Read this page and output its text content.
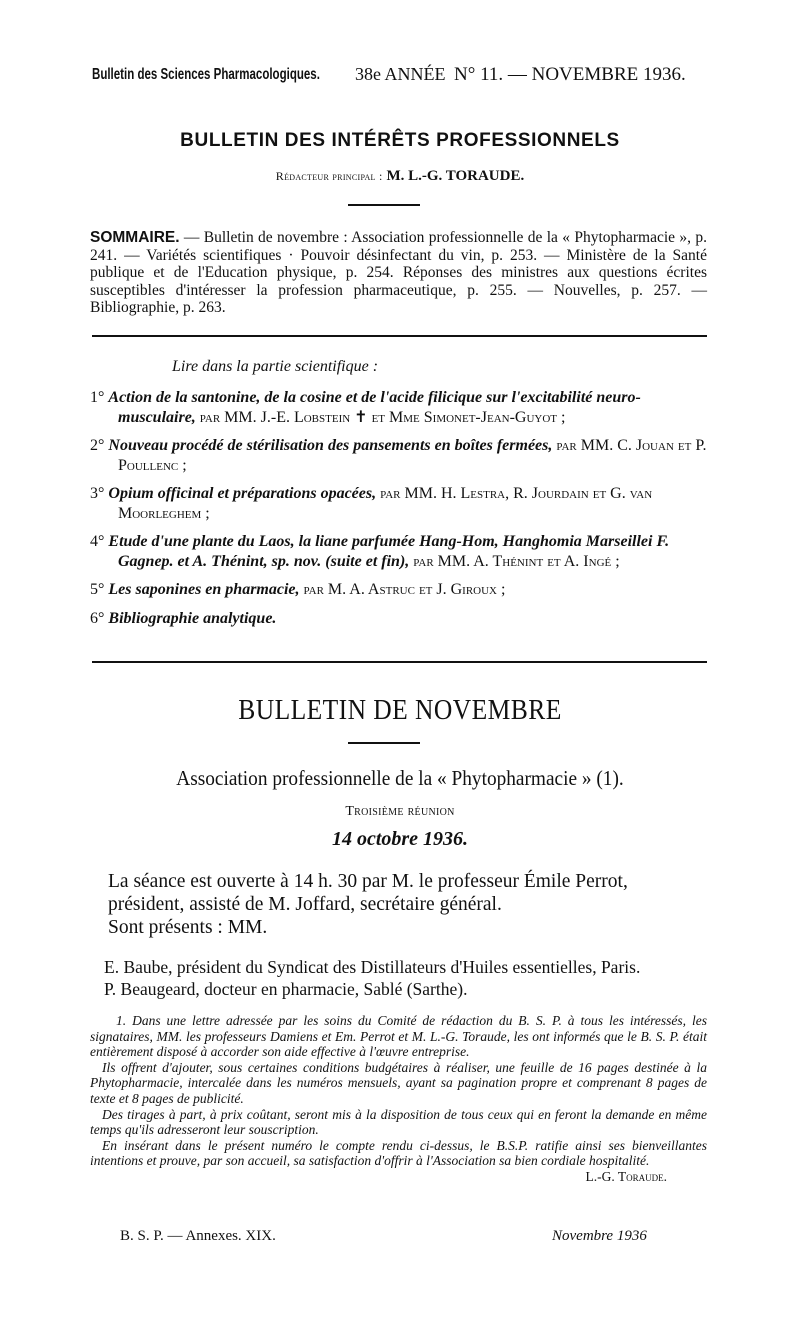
Bulletin des Sciences Pharmacologiques. 38e ANNÉE N° 11. — NOVEMBRE 1936.
BULLETIN DES INTÉRÊTS PROFESSIONNELS
Rédacteur principal : M. L.-G. TORAUDE.
SOMMAIRE. — Bulletin de novembre : Association professionnelle de la « Phytopharmacie », p. 241. — Variétés scientifiques · Pouvoir désinfectant du vin, p. 253. — Ministère de la Santé publique et de l'Education physique, p. 254. Réponses des ministres aux questions écrites susceptibles d'intéresser la profession pharmaceutique, p. 255. — Nouvelles, p. 257. — Bibliographie, p. 263.
Lire dans la partie scientifique :

1° Action de la santonine, de la cosine et de l'acide filicique sur l'excitabilité neuro-musculaire, par MM. J.-E. Lobstein ✝ et Mme Simonet-Jean-Guyot ;

2° Nouveau procédé de stérilisation des pansements en boîtes fermées, par MM. C. Jouan et P. Poullenc ;

3° Opium officinal et préparations opacées, par MM. H. Lestra, R. Jourdain et G. van Moorleghem ;

4° Etude d'une plante du Laos, la liane parfumée Hang-Hom, Hanghomia Marseillei F. Gagnep. et A. Thénint, sp. nov. (suite et fin), par MM. A. Thénint et A. Ingé ;

5° Les saponines en pharmacie, par M. A. Astruc et J. Giroux ;

6° Bibliographie analytique.

BULLETIN DE NOVEMBRE
Association professionnelle de la « Phytopharmacie » (1).
Troisième réunion
14 octobre 1936.
La séance est ouverte à 14 h. 30 par M. le professeur Émile Perrot, président, assisté de M. Joffard, secrétaire général.
Sont présents : MM.
E. Baube, président du Syndicat des Distillateurs d'Huiles essentielles, Paris.
P. Beaugeard, docteur en pharmacie, Sablé (Sarthe).
1. Dans une lettre adressée par les soins du Comité de rédaction du B. S. P. à tous les intéressés, les signataires, MM. les professeurs Damiens et Em. Perrot et M. L.-G. Toraude, les ont informés que le B. S. P. était entièrement disposé à accorder son aide effective à l'œuvre entreprise.
Ils offrent d'ajouter, sous certaines conditions budgétaires à réaliser, une feuille de 16 pages destinée à la Phytopharmacie, intercalée dans les numéros mensuels, ayant sa pagination propre et comprenant 8 pages de texte et 8 pages de publicité.
Des tirages à part, à prix coûtant, seront mis à la disposition de tous ceux qui en feront la demande en même temps qu'ils adresseront leur souscription.
En insérant dans le présent numéro le compte rendu ci-dessus, le B.S.P. ratifie ainsi ses bienveillantes intentions et prouve, par son accueil, sa satisfaction d'offrir à l'Association sa bien cordiale hospitalité.
L.-G. Toraude.
B. S. P. — Annexes. XIX.	Novembre 1936
